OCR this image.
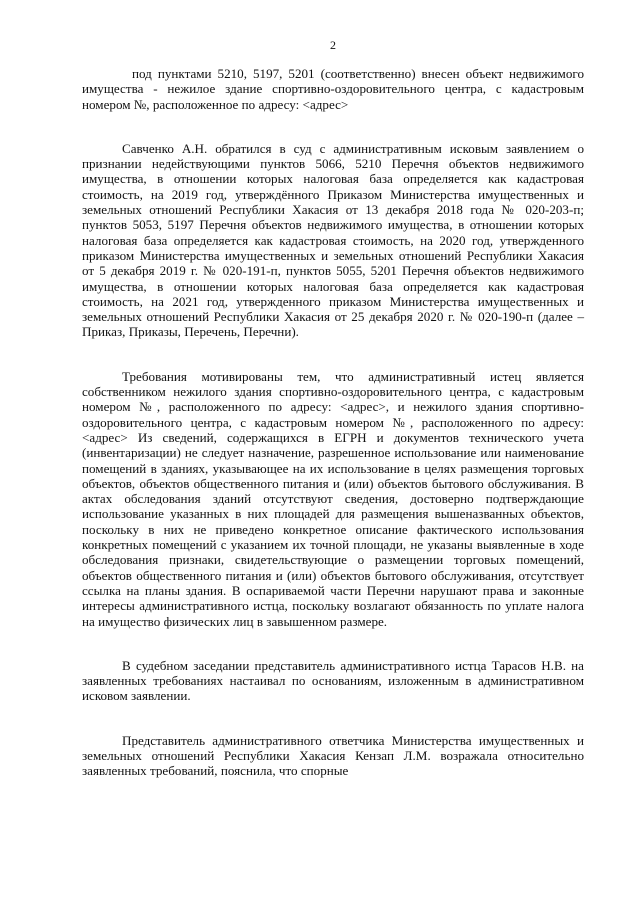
2

под пунктами 5210, 5197, 5201 (соответственно) внесен объект недвижимого имущества - нежилое здание спортивно-оздоровительного центра, с кадастровым номером №, расположенное по адресу: <адрес>

Савченко А.Н. обратился в суд с административным исковым заявлением о признании недействующими пунктов 5066, 5210 Перечня объектов недвижимого имущества, в отношении которых налоговая база определяется как кадастровая стоимость, на 2019 год, утверждённого Приказом Министерства имущественных и земельных отношений Республики Хакасия от 13 декабря 2018 года № 020-203-п; пунктов 5053, 5197 Перечня объектов недвижимого имущества, в отношении которых налоговая база определяется как кадастровая стоимость, на 2020 год, утвержденного приказом Министерства имущественных и земельных отношений Республики Хакасия от 5 декабря 2019 г. № 020-191-п, пунктов 5055, 5201 Перечня объектов недвижимого имущества, в отношении которых налоговая база определяется как кадастровая стоимость, на 2021 год, утвержденного приказом Министерства имущественных и земельных отношений Республики Хакасия от 25 декабря 2020 г. № 020-190-п (далее – Приказ, Приказы, Перечень, Перечни).

Требования мотивированы тем, что административный истец является собственником нежилого здания спортивно-оздоровительного центра, с кадастровым номером №, расположенного по адресу: <адрес>, и нежилого здания спортивно-оздоровительного центра, с кадастровым номером №, расположенного по адресу: <адрес> Из сведений, содержащихся в ЕГРН и документов технического учета (инвентаризации) не следует назначение, разрешенное использование или наименование помещений в зданиях, указывающее на их использование в целях размещения торговых объектов, объектов общественного питания и (или) объектов бытового обслуживания. В актах обследования зданий отсутствуют сведения, достоверно подтверждающие использование указанных в них площадей для размещения вышеназванных объектов, поскольку в них не приведено конкретное описание фактического использования конкретных помещений с указанием их точной площади, не указаны выявленные в ходе обследования признаки, свидетельствующие о размещении торговых помещений, объектов общественного питания и (или) объектов бытового обслуживания, отсутствует ссылка на планы здания. В оспариваемой части Перечни нарушают права и законные интересы административного истца, поскольку возлагают обязанность по уплате налога на имущество физических лиц в завышенном размере.

В судебном заседании представитель административного истца Тарасов Н.В. на заявленных требованиях настаивал по основаниям, изложенным в административном исковом заявлении.

Представитель административного ответчика Министерства имущественных и земельных отношений Республики Хакасия Кензап Л.М. возражала относительно заявленных требований, пояснила, что спорные
